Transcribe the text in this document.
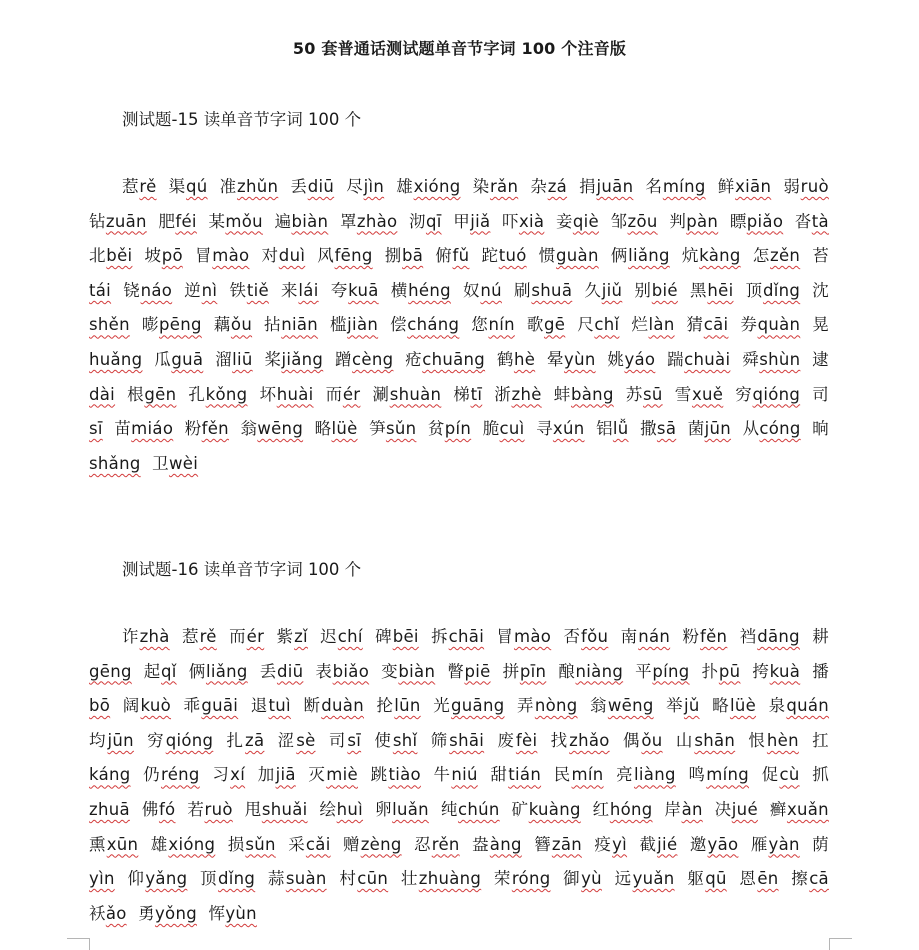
50 套普通话测试题单音节字词 100 个注音版
测试题-15 读单音节字词 100 个
惹rě 渠qú 准zhǔn 丢diū 尽jìn 雄xióng 染rǎn 杂zá 捐juān 名míng 鲜xiān 弱ruò 钻zuān 肥féi 某mǒu 遍biàn 罩zhào 沏qī 甲jiǎ 吓xià 妾qiè 邹zōu 判pàn 瞟piǎo 沓tà 北běi 坡pō 冒mào 对duì 风fēng 捌bā 俯fǔ 跎tuó 惯guàn 俩liǎng 炕kàng 怎zěn 苔tái 铙náo 逆nì 铁tiě 来lái 夸kuā 横héng 奴nú 刷shuā 久jiǔ 别bié 黑hēi 顶dǐng 沈shěn 嘭pēng 藕ǒu 拈niān 槛jiàn 偿cháng 您nín 歌gē 尺chǐ 烂làn 猜cāi 券quàn 晃huǎng 瓜guā 溜liū 桨jiǎng 蹭cèng 疮chuāng 鹤hè 晕yùn 姚yáo 踹chuài 舜shùn 逮dài 根gēn 孔kǒng 坏huài 而ér 涮shuàn 梯tī 浙zhè 蚌bàng 苏sū 雪xuě 穷qióng 司sī 苗miáo 粉fěn 翁wēng 略lüè 笋sǔn 贫pín 脆cuì 寻xún 铝lǚ 撒sā 菌jūn 从cóng 晌shǎng 卫wèi
测试题-16 读单音节字词 100 个
诈zhà 惹rě 而ér 紫zǐ 迟chí 碑bēi 拆chāi 冒mào 否fǒu 南nán 粉fěn 裆dāng 耕gēng 起qǐ 俩liǎng 丢diū 表biǎo 变biàn 瞥piē 拼pīn 酿niàng 平píng 扑pū 挎kuà 播bō 阔kuò 乖guāi 退tuì 断duàn 抡lūn 光guāng 弄nòng 翁wēng 举jǔ 略lüè 泉quán 均jūn 穷qióng 扎zā 涩sè 司sī 使shǐ 筛shāi 废fèi 找zhǎo 偶ǒu 山shān 恨hèn 扛káng 仍réng 习xí 加jiā 灭miè 跳tiào 牛niú 甜tián 民mín 亮liàng 鸣míng 促cù 抓zhuā 佛fó 若ruò 甩shuǎi 绘huì 卵luǎn 纯chún 矿kuàng 红hóng 岸àn 决jué 癣xuǎn 熏xūn 雄xióng 损sǔn 采cǎi 赠zèng 忍rěn 盎àng 簪zān 疫yì 截jié 邀yāo 雁yàn 荫yìn 仰yǎng 顶dǐng 蒜suàn 村cūn 壮zhuàng 荣róng 御yù 远yuǎn 躯qū 恩ēn 擦cā 袄ǎo 勇yǒng 恽yùn
